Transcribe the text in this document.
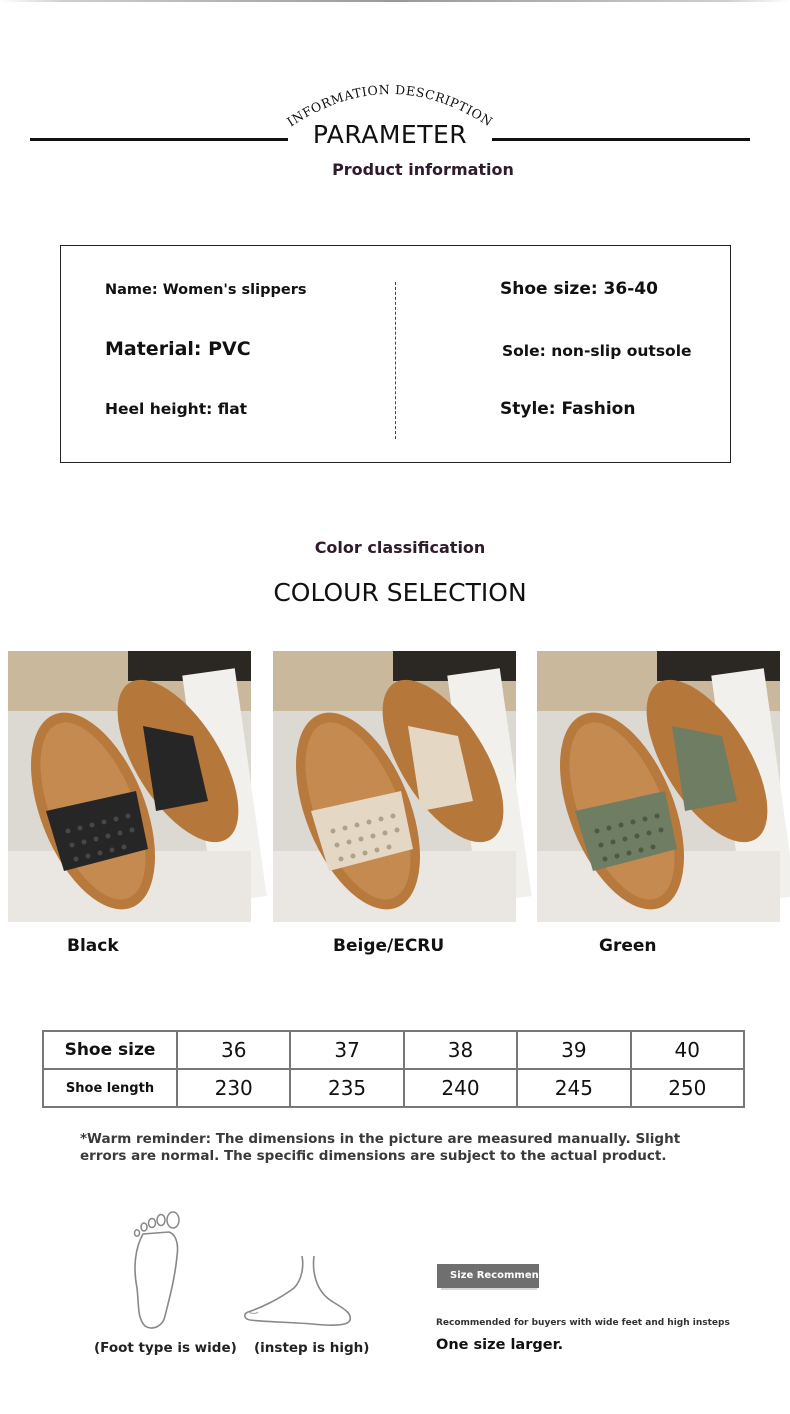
INFORMATION DESCRIPTION
PARAMETER
Product information
Name: Women's slippers
Material: PVC
Heel height: flat
Shoe size: 36-40
Sole: non-slip outsole
Style: Fashion
Color classification
COLOUR SELECTION
Black	Beige/ECRU	Green
Shoe size	36	37	38	39	40
Shoe length	230	235	240	245	250
*Warm reminder: The dimensions in the picture are measured manually. Slight errors are normal. The specific dimensions are subject to the actual product.
(Foot type is wide) (instep is high)
Size Recommendation
Recommended for buyers with wide feet and high insteps
One size larger.
